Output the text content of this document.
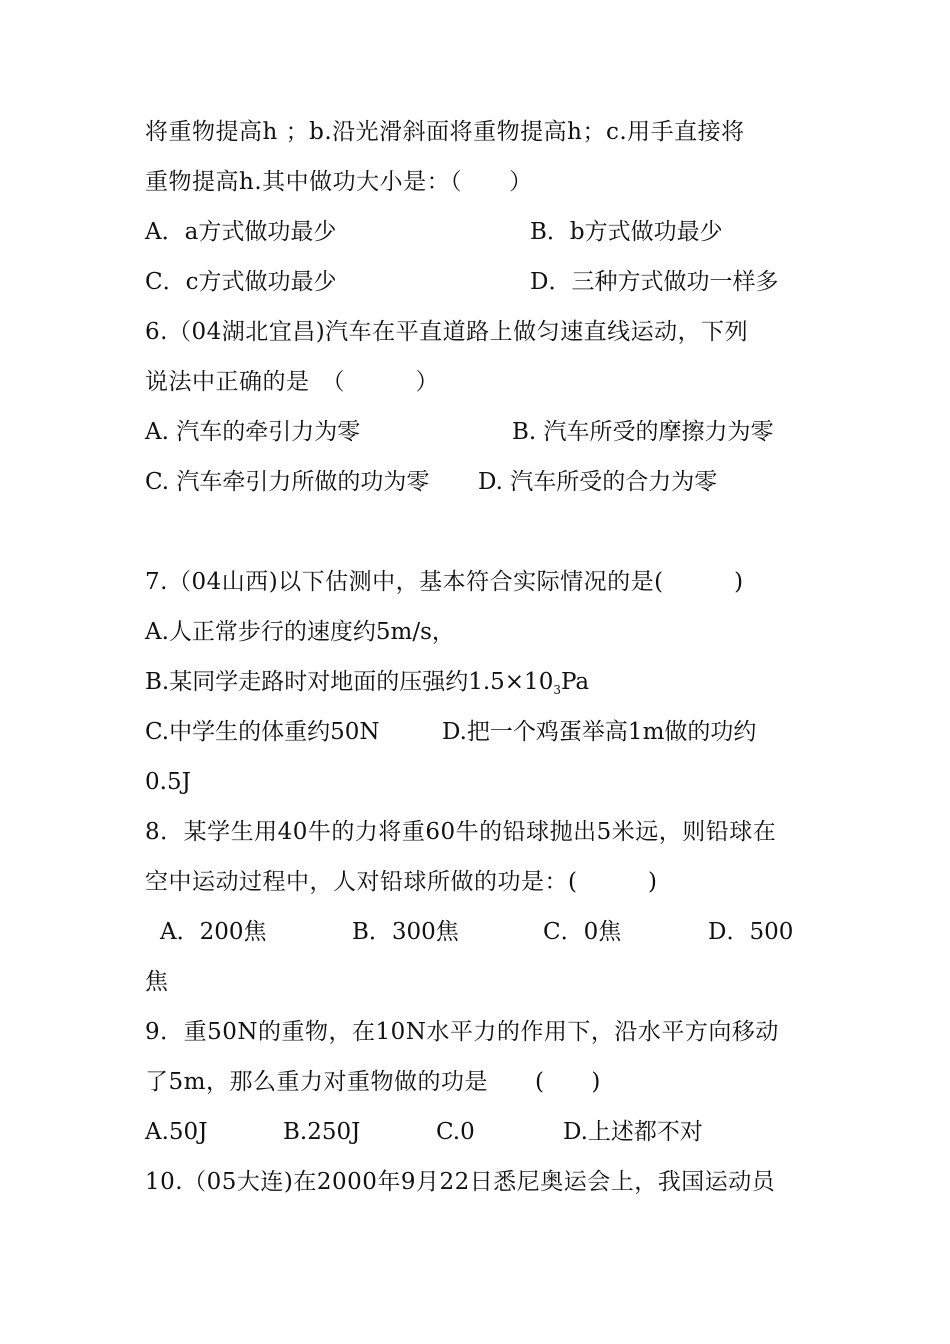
将重物提高h ；b.沿光滑斜面将重物提高h；c.用手直接将
重物提高h.其中做功大小是：（　　）
A．a方式做功最少	B．b方式做功最少
C．c方式做功最少	D．三种方式做功一样多
6.（04湖北宜昌)汽车在平直道路上做匀速直线运动，下列
说法中正确的是　（　　　）
A. 汽车的牵引力为零	B. 汽车所受的摩擦力为零
C. 汽车牵引力所做的功为零 D. 汽车所受的合力为零
7.（04山西)以下估测中，基本符合实际情况的是(　　　)
A.人正常步行的速度约5m/s，
B.某同学走路时对地面的压强约$1.5\times 10^3Pa$
C.中学生的体重约50N	D.把一个鸡蛋举高1m做的功约
0.5J
8．某学生用40牛的力将重60牛的铅球抛出5米远，则铅球在
空中运动过程中，人对铅球所做的功是：(　　　)
A．200焦	B．300焦	C．0焦	D．500
焦
9．重50N的重物，在10N水平力的作用下，沿水平方向移动
了5m，那么重力对重物做的功是　　(　　)
A.50J	B.250J	C.0	D.上述都不对
10.（05大连)在2000年9月22日悉尼奥运会上，我国运动员
